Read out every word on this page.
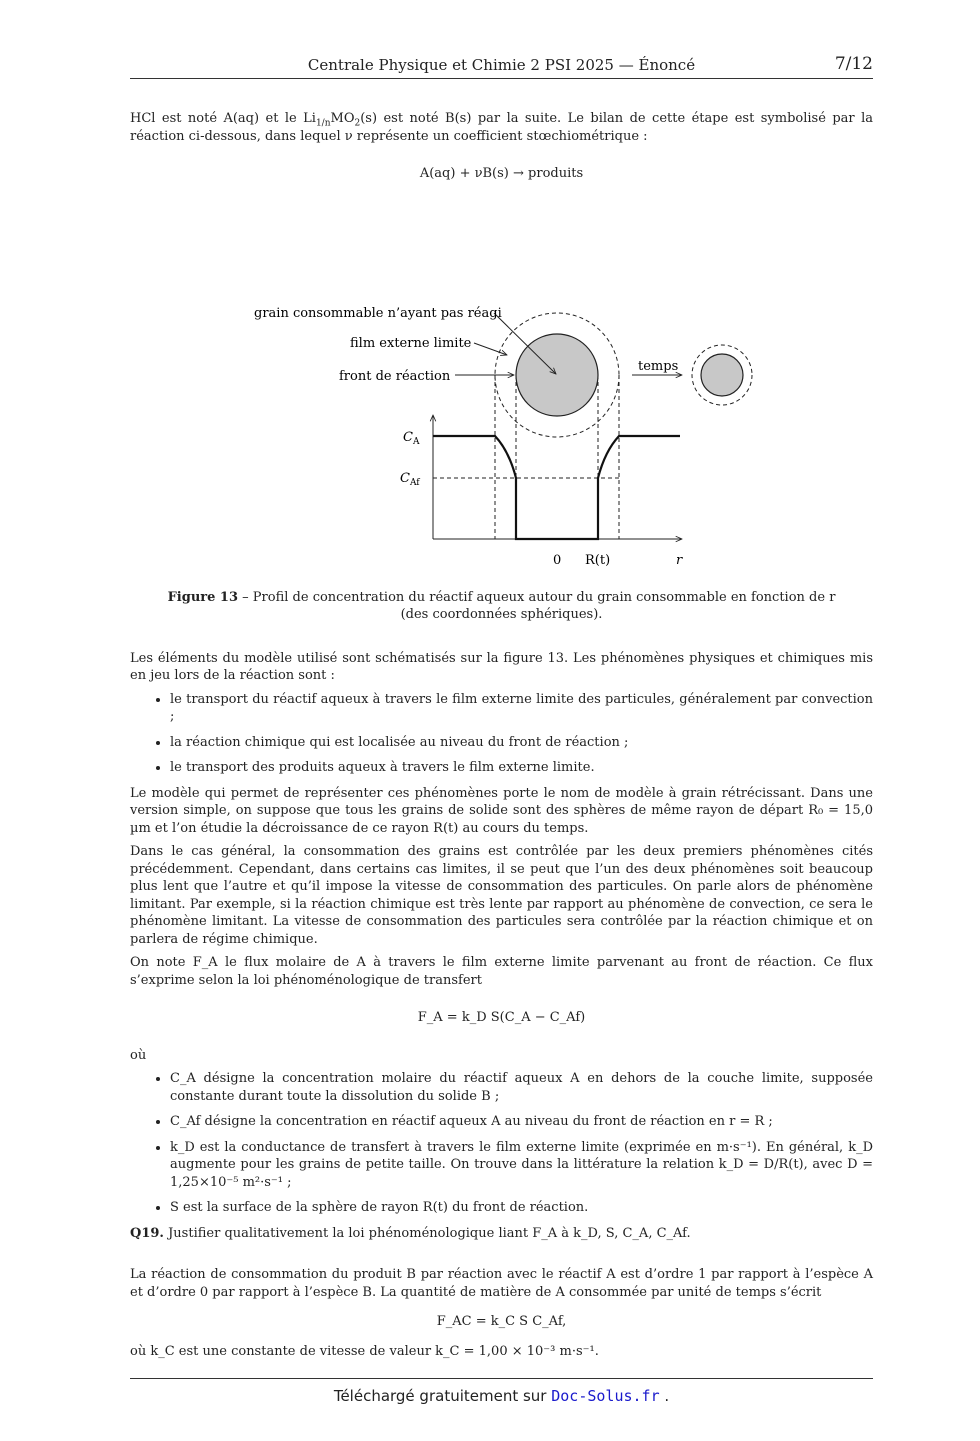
Centrale Physique et Chimie 2 PSI 2025 — Énoncé	7/12

HCl est noté A(aq) et le $Li_{1/n}MO_2(s)$ est noté B(s) par la suite. Le bilan de cette étape est symbolisé par la réaction ci-dessous, dans lequel ν représente un coefficient stœchiométrique :

A(aq) + νB(s) → produits
grain consommable n’ayant pas réagi
film externe limite
front de réaction
temps
$C_A$
$C_{Af}$
0 R(t)	r
Figure 13 – Profil de concentration du réactif aqueux autour du grain consommable en fonction de r (des coordonnées sphériques).

Les éléments du modèle utilisé sont schématisés sur la figure 13. Les phénomènes physiques et chimiques mis en jeu lors de la réaction sont :

• le transport du réactif aqueux à travers le film externe limite des particules, généralement par convection ;
• la réaction chimique qui est localisée au niveau du front de réaction ;
• le transport des produits aqueux à travers le film externe limite.

Le modèle qui permet de représenter ces phénomènes porte le nom de modèle à grain rétrécissant. Dans une version simple, on suppose que tous les grains de solide sont des sphères de même rayon de départ R₀ = 15,0 µm et l’on étudie la décroissance de ce rayon R(t) au cours du temps.

Dans le cas général, la consommation des grains est contrôlée par les deux premiers phénomènes cités précédemment. Cependant, dans certains cas limites, il se peut que l’un des deux phénomènes soit beaucoup plus lent que l’autre et qu’il impose la vitesse de consommation des particules. On parle alors de phénomène limitant. Par exemple, si la réaction chimique est très lente par rapport au phénomène de convection, ce sera le phénomène limitant. La vitesse de consommation des particules sera contrôlée par la réaction chimique et on parlera de régime chimique.

On note F_A le flux molaire de A à travers le film externe limite parvenant au front de réaction. Ce flux s’exprime selon la loi phénoménologique de transfert

F_A = k_D S(C_A − C_Af)

où

• C_A désigne la concentration molaire du réactif aqueux A en dehors de la couche limite, supposée constante durant toute la dissolution du solide B ;
• C_Af désigne la concentration en réactif aqueux A au niveau du front de réaction en r = R ;
• k_D est la conductance de transfert à travers le film externe limite (exprimée en m·s⁻¹). En général, k_D augmente pour les grains de petite taille. On trouve dans la littérature la relation k_D = D/R(t), avec D = 1,25×10⁻⁵ m²·s⁻¹ ;
• S est la surface de la sphère de rayon R(t) du front de réaction.

Q19. Justifier qualitativement la loi phénoménologique liant F_A à k_D, S, C_A, C_Af.

La réaction de consommation du produit B par réaction avec le réactif A est d’ordre 1 par rapport à l’espèce A et d’ordre 0 par rapport à l’espèce B. La quantité de matière de A consommée par unité de temps s’écrit

F_AC = k_C S C_Af,

où k_C est une constante de vitesse de valeur k_C = 1,00 × 10⁻³ m·s⁻¹.

Téléchargé gratuitement sur Doc-Solus.fr .
